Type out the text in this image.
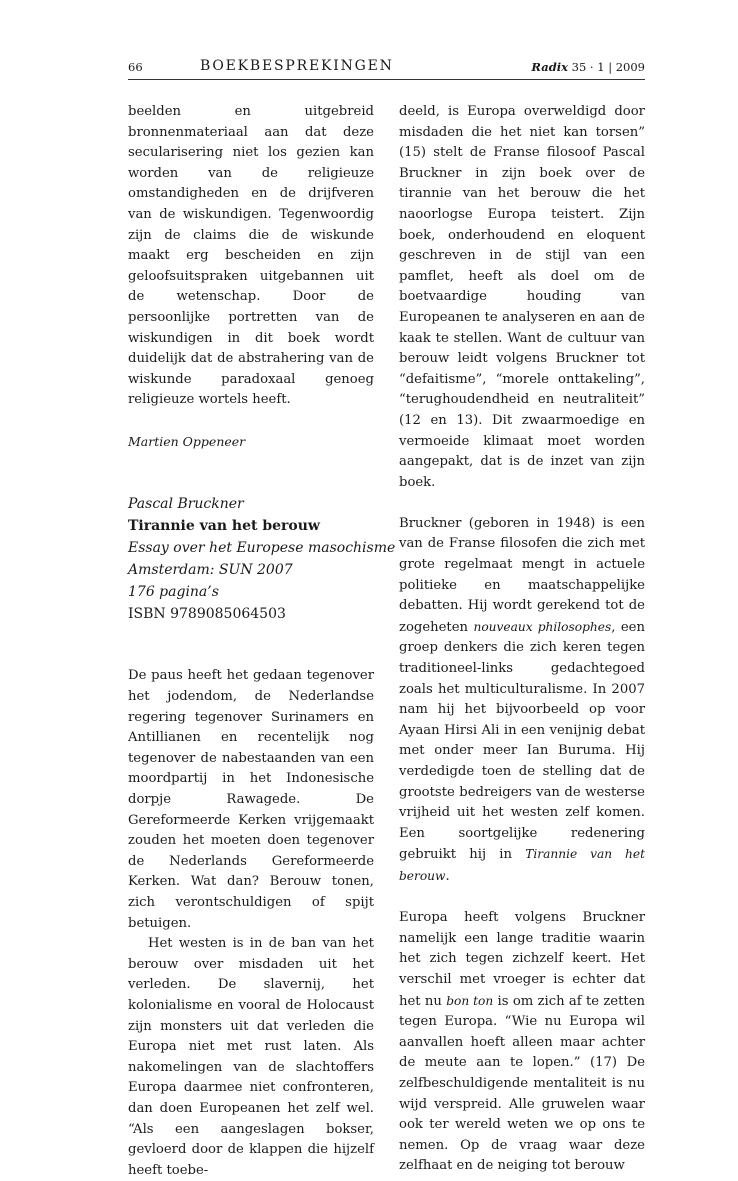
66	BOEKBESPREKINGEN	Radix 35 · 1 | 2009

beelden en uitgebreid bronnenmateriaal aan dat deze secularisering niet los gezien kan worden van de religieuze omstandigheden en de drijfveren van de wiskundigen. Tegenwoordig zijn de claims die de wiskunde maakt erg bescheiden en zijn geloofsuitspraken uitgebannen uit de wetenschap. Door de persoonlijke portretten van de wiskundigen in dit boek wordt duidelijk dat de abstrahering van de wiskunde paradoxaal genoeg religieuze wortels heeft.

Martien Oppeneer

Pascal Bruckner
Tirannie van het berouw
Essay over het Europese masochisme
Amsterdam: SUN 2007
176 pagina’s
ISBN 9789085064503

De paus heeft het gedaan tegenover het jodendom, de Nederlandse regering tegenover Surinamers en Antillianen en recentelijk nog tegenover de nabestaanden van een moordpartij in het Indonesische dorpje Rawagede. De Gereformeerde Kerken vrijgemaakt zouden het moeten doen tegenover de Nederlands Gereformeerde Kerken. Wat dan? Berouw tonen, zich verontschuldigen of spijt betuigen.

Het westen is in de ban van het berouw over misdaden uit het verleden. De slavernij, het kolonialisme en vooral de Holocaust zijn monsters uit dat verleden die Europa niet met rust laten. Als nakomelingen van de slachtoffers Europa daarmee niet confronteren, dan doen Europeanen het zelf wel. “Als een aangeslagen bokser, gevloerd door de klappen die hijzelf heeft toebe-

deeld, is Europa overweldigd door misdaden die het niet kan torsen” (15) stelt de Franse filosoof Pascal Bruckner in zijn boek over de tirannie van het berouw die het naoorlogse Europa teistert. Zijn boek, onderhoudend en eloquent geschreven in de stijl van een pamflet, heeft als doel om de boetvaardige houding van Europeanen te analyseren en aan de kaak te stellen. Want de cultuur van berouw leidt volgens Bruckner tot “defaitisme”, “morele onttakeling”, “terughoudendheid en neutraliteit” (12 en 13). Dit zwaarmoedige en vermoeide klimaat moet worden aangepakt, dat is de inzet van zijn boek.

Bruckner (geboren in 1948) is een van de Franse filosofen die zich met grote regelmaat mengt in actuele politieke en maatschappelijke debatten. Hij wordt gerekend tot de zogeheten nouveaux philosophes, een groep denkers die zich keren tegen traditioneel-links gedachtegoed zoals het multiculturalisme. In 2007 nam hij het bijvoorbeeld op voor Ayaan Hirsi Ali in een venijnig debat met onder meer Ian Buruma. Hij verdedigde toen de stelling dat de grootste bedreigers van de westerse vrijheid uit het westen zelf komen. Een soortgelijke redenering gebruikt hij in Tirannie van het berouw.

Europa heeft volgens Bruckner namelijk een lange traditie waarin het zich tegen zichzelf keert. Het verschil met vroeger is echter dat het nu bon ton is om zich af te zetten tegen Europa. “Wie nu Europa wil aanvallen hoeft alleen maar achter de meute aan te lopen.” (17) De zelfbeschuldigende mentaliteit is nu wijd verspreid. Alle gruwelen waar ook ter wereld weten we op ons te nemen. Op de vraag waar deze zelfhaat en de neiging tot berouw
